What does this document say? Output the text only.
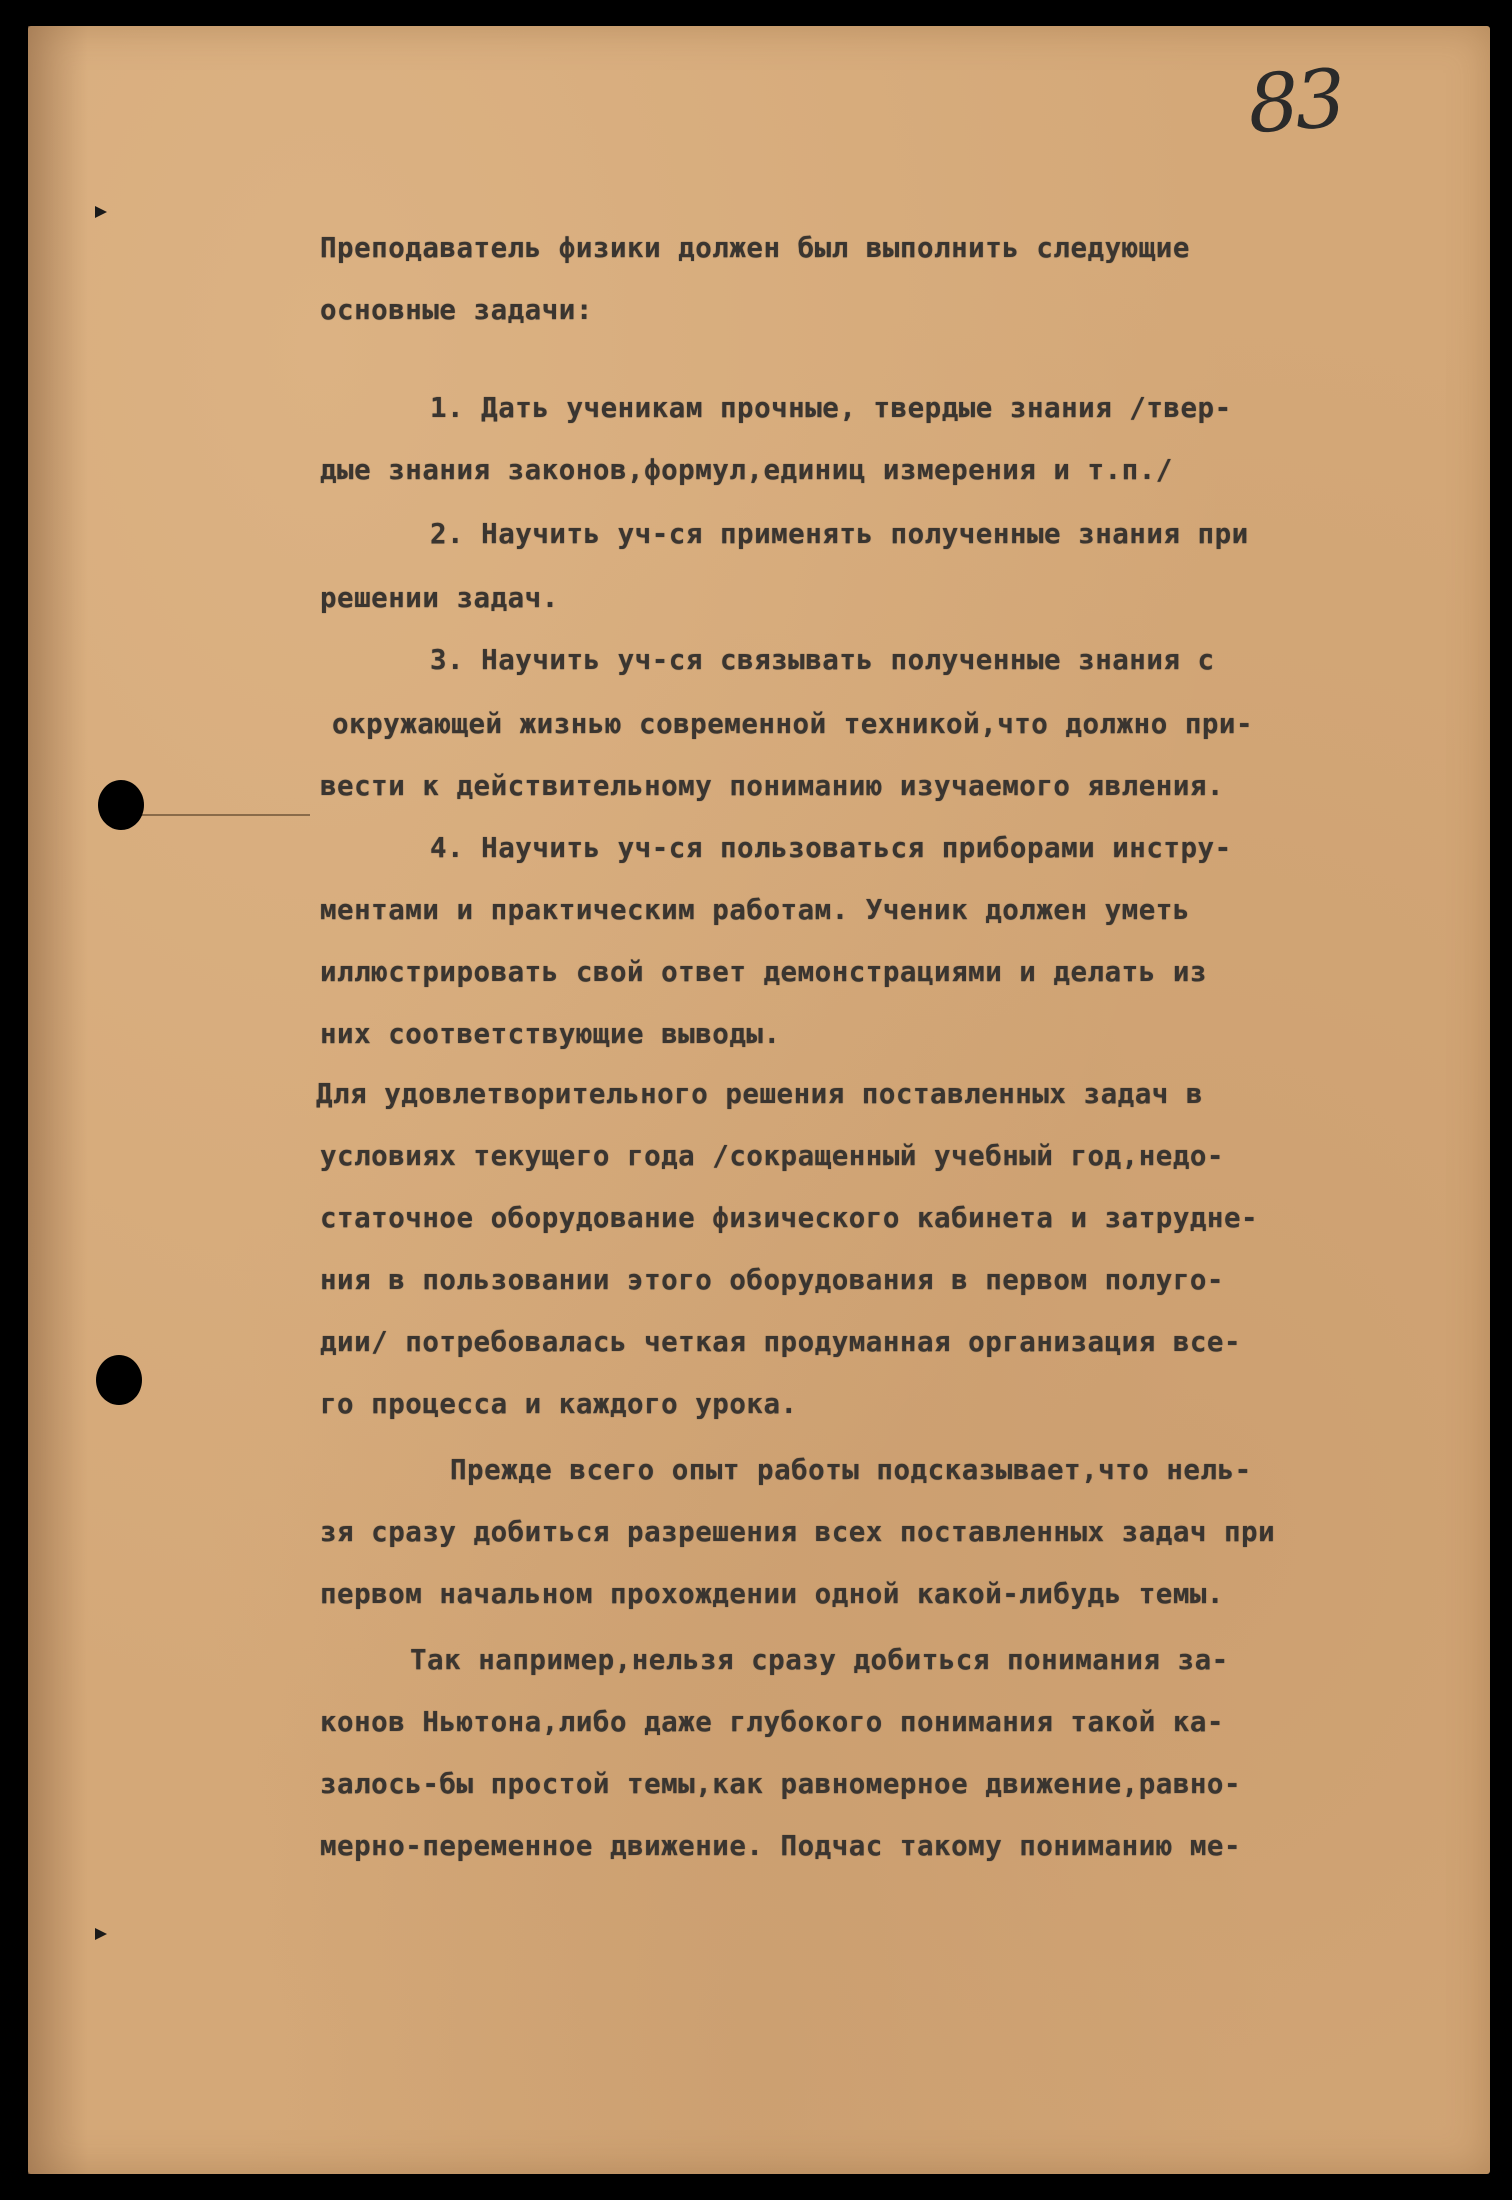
83
Преподаватель физики должен был выполнить следующие
основные задачи:
1. Дать ученикам прочные, твердые знания /твер-
дые знания законов,формул,единиц измерения и т.п./
2. Научить уч-ся применять полученные знания при
решении задач.
3. Научить уч-ся связывать полученные знания с
окружающей жизнью современной техникой,что должно при-
вести к действительному пониманию изучаемого явления.
4. Научить уч-ся пользоваться приборами инстру-
ментами и практическим работам. Ученик должен уметь
иллюстрировать свой ответ демонстрациями и делать из
них соответствующие выводы.
Для удовлетворительного решения поставленных задач в
условиях текущего года /сокращенный учебный год,недо-
статочное оборудование физического кабинета и затрудне-
ния в пользовании этого оборудования в первом полуго-
дии/ потребовалась четкая продуманная организация все-
го процесса и каждого урока.
Прежде всего опыт работы подсказывает,что нель-
зя сразу добиться разрешения всех поставленных задач при
первом начальном прохождении одной какой-либудь темы.
Так например,нельзя сразу добиться понимания за-
конов Ньютона,либо даже глубокого понимания такой ка-
залось-бы простой темы,как равномерное движение,равно-
мерно-переменное движение. Подчас такому пониманию ме-
